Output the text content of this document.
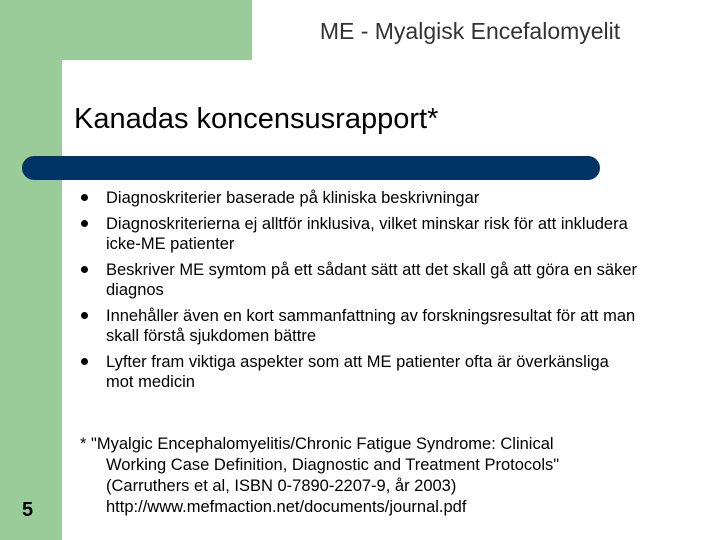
ME - Myalgisk Encefalomyelit
Kanadas koncensusrapport*
Diagnoskriterier baserade på kliniska beskrivningar
Diagnoskriterierna ej alltför inklusiva, vilket minskar risk för att inkludera icke-ME patienter
Beskriver ME symtom på ett sådant sätt att det skall gå att göra en säker diagnos
Innehåller även en kort sammanfattning av forskningsresultat för att man skall förstå sjukdomen bättre
Lyfter fram viktiga aspekter som att ME patienter ofta är överkänsliga mot medicin
* "Myalgic Encephalomyelitis/Chronic Fatigue Syndrome: Clinical
Working Case Definition, Diagnostic and Treatment Protocols"
(Carruthers et al, ISBN 0-7890-2207-9, år 2003)
http://www.mefmaction.net/documents/journal.pdf
5
